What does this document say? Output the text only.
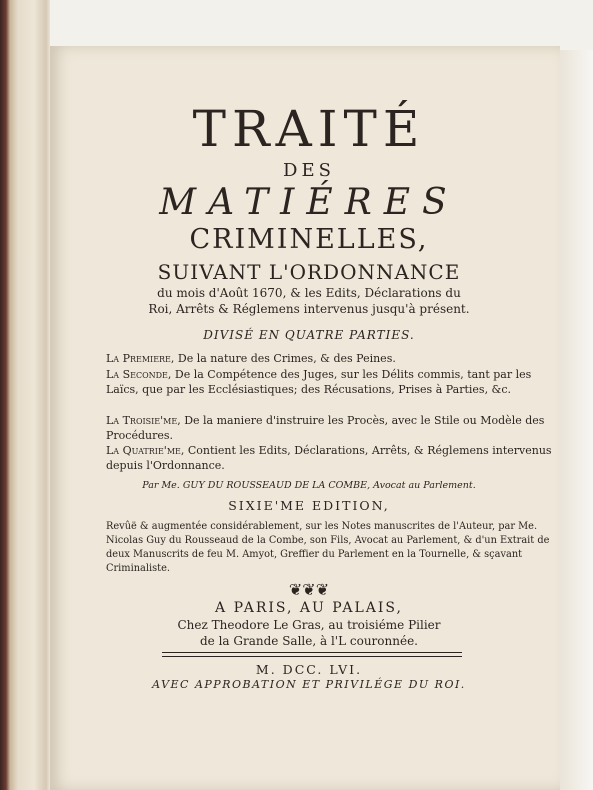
TRAITÉ
DES
MATIÉRES
CRIMINELLES,
SUIVANT L'ORDONNANCE
du mois d'Août 1670, & les Edits, Déclarations du
Roi, Arrêts & Réglemens intervenus jusqu'à présent.
DIVISÉ EN QUATRE PARTIES.
La Premiere, De la nature des Crimes, & des Peines.
La Seconde, De la Compétence des Juges, sur les Délits commis, tant par les Laïcs, que par les Ecclésiastiques; des Récusations, Prises à Parties, &c.
La Troisie'me, De la maniere d'instruire les Procès, avec le Stile ou Modèle des Procédures.
La Quatrie'me, Contient les Edits, Déclarations, Arrêts, & Réglemens intervenus depuis l'Ordonnance.
Par Me. GUY DU ROUSSEAUD DE LA COMBE, Avocat au Parlement.
SIXIE'ME EDITION,
Revûë & augmentée considérablement, sur les Notes manuscrites de l'Auteur, par Me. Nicolas Guy du Rousseaud de la Combe, son Fils, Avocat au Parlement, & d'un Extrait de deux Manuscrits de feu M. Amyot, Greffier du Parlement en la Tournelle, & sçavant Criminaliste.
❦❦❦
A PARIS, AU PALAIS,
Chez Theodore Le Gras, au troisiéme Pilier
de la Grande Salle, à l'L couronnée.
M. DCC. LVI.
AVEC APPROBATION ET PRIVILÉGE DU ROI.
